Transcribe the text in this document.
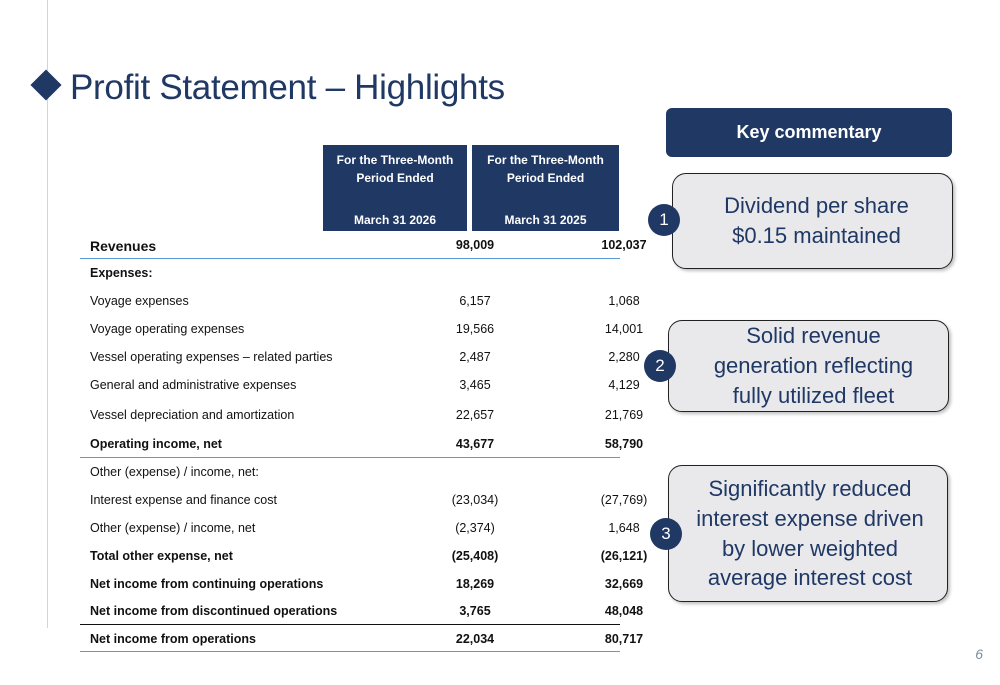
Profit Statement – Highlights
For the Three-Month Period Ended
March 31 2026
For the Three-Month Period Ended
March 31 2025
Revenues	98,009	102,037
Expenses:
Voyage expenses	6,157	1,068
Voyage operating expenses	19,566	14,001
Vessel operating expenses – related parties	2,487	2,280
General and administrative expenses	3,465	4,129
Vessel depreciation and amortization	22,657	21,769
Operating income, net	43,677	58,790
Other (expense) / income, net:
Interest expense and finance cost	(23,034)	(27,769)
Other (expense) / income, net	(2,374)	1,648
Total other expense, net	(25,408)	(26,121)
Net income from continuing operations	18,269	32,669
Net income from discontinued operations	3,765	48,048
Net income from operations	22,034	80,717
Key commentary
Dividend per share $0.15 maintained
1
Solid revenue generation reflecting fully utilized fleet
2
Significantly reduced interest expense driven by lower weighted average interest cost
3
6
